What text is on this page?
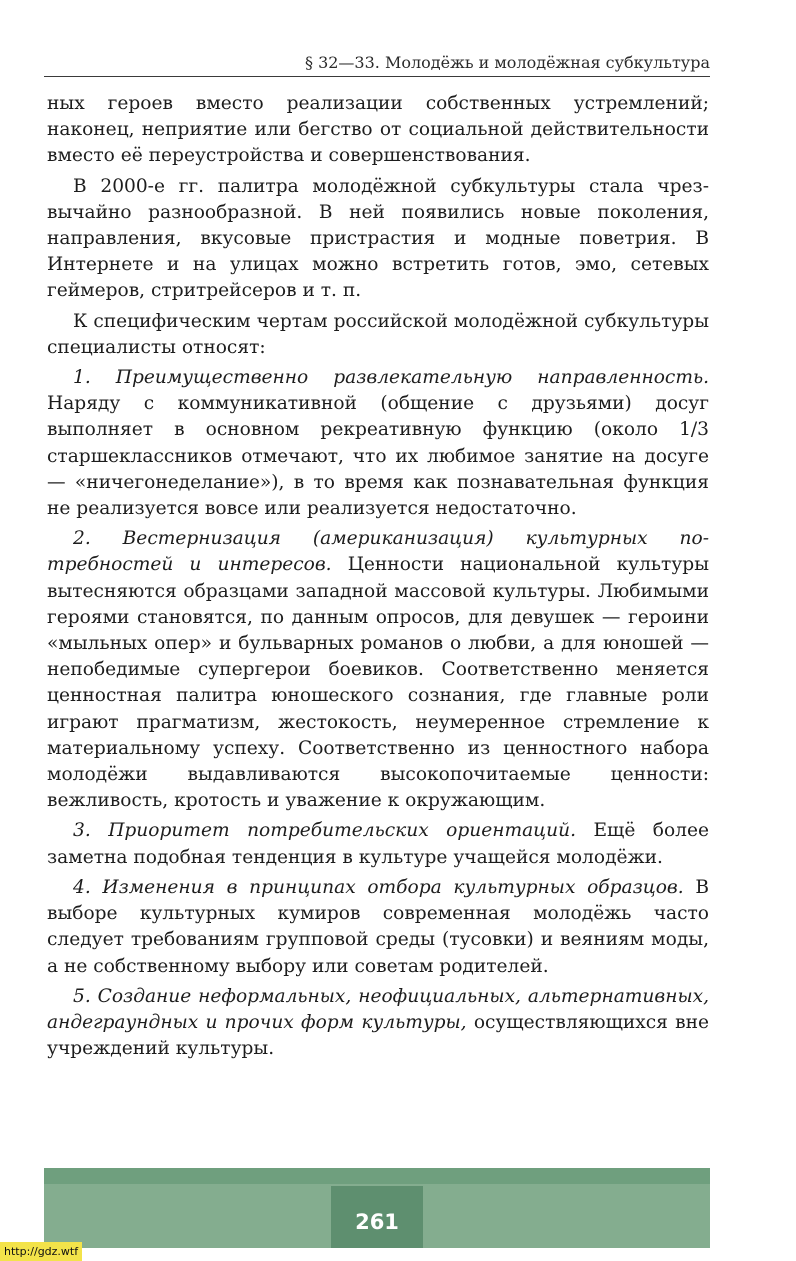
§ 32—33. Молодёжь и молодёжная субкультура

ных героев вместо реализации собственных устремлений; наконец, неприятие или бегство от социальной действительности вместо её переустройства и совершенствования.

В 2000-е гг. палитра молодёжной субкультуры стала чрезвычайно разнообразной. В ней появились новые поколения, направления, вкусовые пристрастия и модные поветрия. В Интернете и на улицах можно встретить готов, эмо, сетевых геймеров, стритрейсеров и т. п.

К специфическим чертам российской молодёжной субкультуры специалисты относят:

1. Преимущественно развлекательную направленность. Наряду с коммуникативной (общение с друзьями) досуг выполняет в основном рекреативную функцию (около 1/3 старшеклассников отмечают, что их любимое занятие на досуге — «ничегонеделание»), в то время как познавательная функция не реализуется вовсе или реализуется недостаточно.

2. Вестернизация (американизация) культурных потребностей и интересов. Ценности национальной культуры вытесняются образцами западной массовой культуры. Любимыми героями становятся, по данным опросов, для девушек — героини «мыльных опер» и бульварных романов о любви, а для юношей — непобедимые супергерои боевиков. Соответственно меняется ценностная палитра юношеского сознания, где главные роли играют прагматизм, жестокость, неумеренное стремление к материальному успеху. Соответственно из ценностного набора молодёжи выдавливаются высокопочитаемые ценности: вежливость, кротость и уважение к окружающим.

3. Приоритет потребительских ориентаций. Ещё более заметна подобная тенденция в культуре учащейся молодёжи.

4. Изменения в принципах отбора культурных образцов. В выборе культурных кумиров современная молодёжь часто следует требованиям групповой среды (тусовки) и веяниям моды, а не собственному выбору или советам родителей.

5. Создание неформальных, неофициальных, альтернативных, андеграундных и прочих форм культуры, осуществляющихся вне учреждений культуры.

261
http://gdz.wtf
